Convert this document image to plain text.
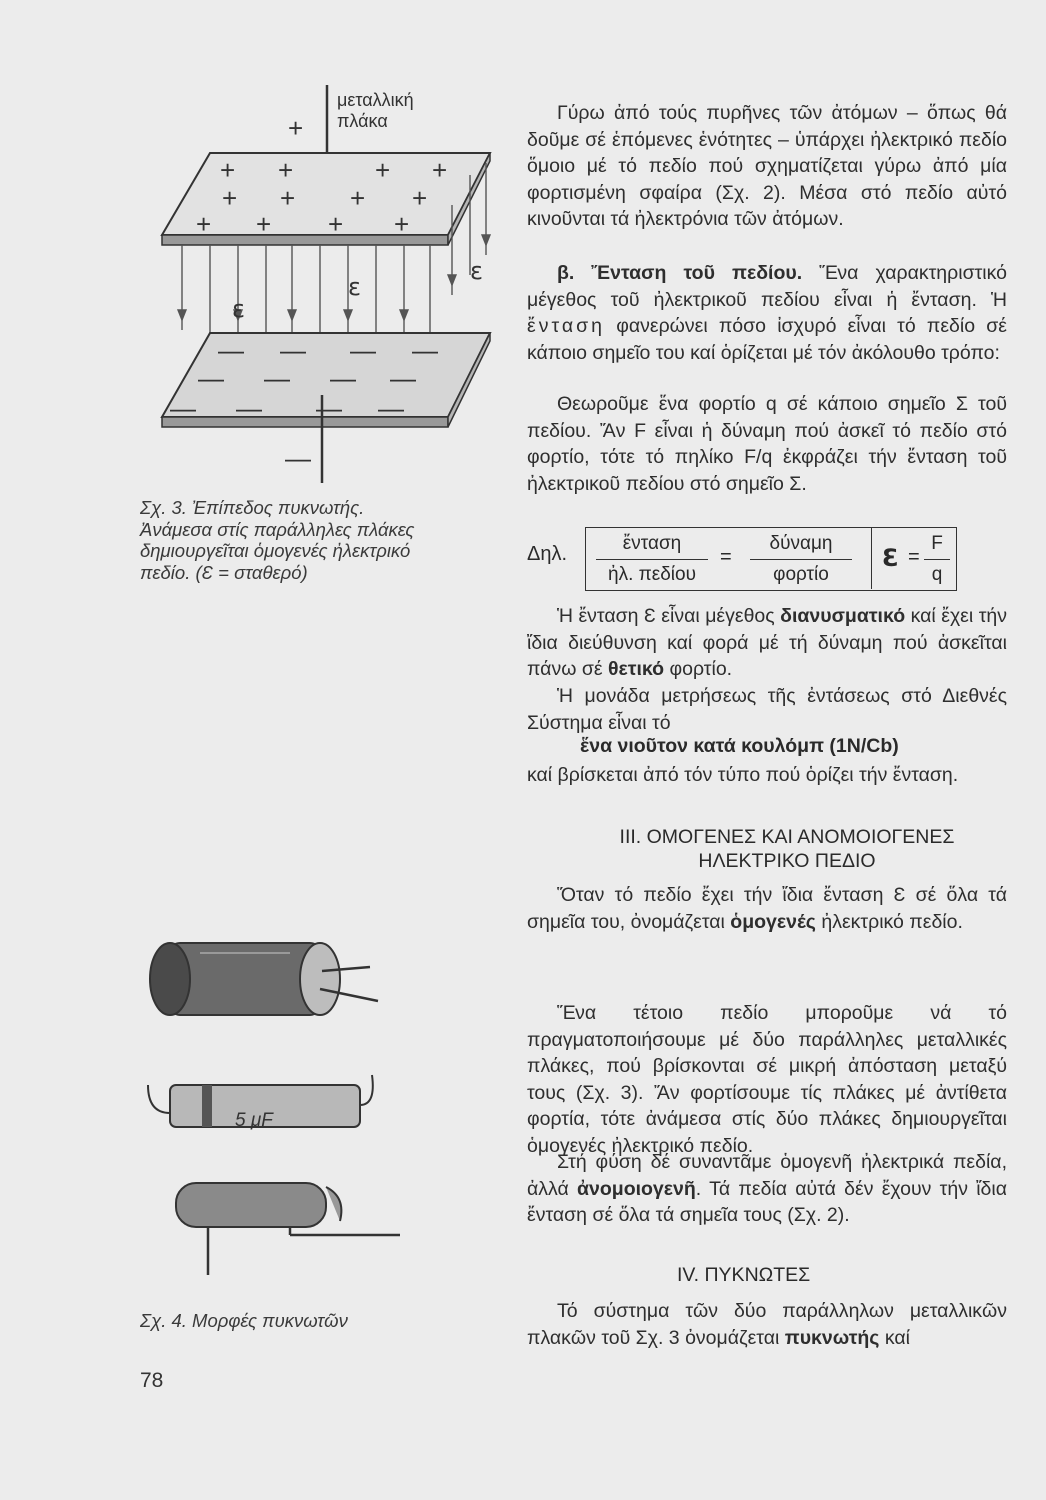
μεταλλική πλάκα
+
—
+ +	+ +
+ + + +
+ + + +
— — — —
— — — —
— — — —
ε
ε
ε
Σχ. 3. Ἐπίπεδος πυκνωτής. Ἀνάμεσα στίς παράλληλες πλάκες δημιουργεῖται ὁμογενές ἠλεκτρικό πεδίο. (Ɛ = σταθερό)
5 μF
Σχ. 4. Μορφές πυκνωτῶν
78

Γύρω ἀπό τούς πυρῆνες τῶν ἀτόμων – ὅπως θά δοῦμε σέ ἑπόμενες ἑνότητες – ὑπάρχει ἠλεκτρικό πεδίο ὅμοιο μέ τό πεδίο πού σχηματίζεται γύρω ἀπό μία φορτισμένη σφαίρα (Σχ. 2). Μέσα στό πεδίο αὐτό κινοῦνται τά ἠλεκτρόνια τῶν ἀτόμων.

β. Ἔνταση τοῦ πεδίου. Ἕνα χαρακτηριστικό μέγεθος τοῦ ἠλεκτρικοῦ πεδίου εἶναι ἡ ἔνταση. Ἡ ἔνταση φανερώνει πόσο ἰσχυρό εἶναι τό πεδίο σέ κάποιο σημεῖο του καί ὁρίζεται μέ τόν ἀκόλουθο τρόπο:

Θεωροῦμε ἕνα φορτίο q σέ κάποιο σημεῖο Σ τοῦ πεδίου. Ἄν F εἶναι ἡ δύναμη πού ἀσκεῖ τό πεδίο στό φορτίο, τότε τό πηλίκο F/q ἐκφράζει τήν ἔνταση τοῦ ἠλεκτρικοῦ πεδίου στό σημεῖο Σ.

Δηλ.	ἔνταση
ἠλ. πεδίου
=
δύναμη
φορτίο
Ɛ =
F
q

Ἡ ἔνταση Ɛ εἶναι μέγεθος διανυσματικό καί ἔχει τήν ἴδια διεύθυνση καί φορά μέ τή δύναμη πού ἀσκεῖται πάνω σέ θετικό φορτίο.

Ἡ μονάδα μετρήσεως τῆς ἐντάσεως στό Διεθνές Σύστημα εἶναι τό

ἕνα νιοῦτον κατά κουλόμπ (1N/Cb)

καί βρίσκεται ἀπό τόν τύπο πού ὁρίζει τήν ἔνταση.

III. ΟΜΟΓΕΝΕΣ ΚΑΙ ΑΝΟΜΟΙΟΓΕΝΕΣ
ΗΛΕΚΤΡΙΚΟ ΠΕΔΙΟ

Ὅταν τό πεδίο ἔχει τήν ἴδια ἔνταση Ɛ σέ ὅλα τά σημεῖα του, ὀνομάζεται ὁμογενές ἠλεκτρικό πεδίο.

Ἕνα τέτοιο πεδίο μποροῦμε νά τό πραγματοποιήσουμε μέ δύο παράλληλες μεταλλικές πλάκες, πού βρίσκονται σέ μικρή ἀπόσταση μεταξύ τους (Σχ. 3). Ἄν φορτίσουμε τίς πλάκες μέ ἀντίθετα φορτία, τότε ἀνάμεσα στίς δύο πλάκες δημιουργεῖται ὁμογενές ἠλεκτρικό πεδίο.

Στή φύση δέ συναντᾶμε ὁμογενῆ ἠλεκτρικά πεδία, ἀλλά ἀνομοιογενῆ. Τά πεδία αὐτά δέν ἔχουν τήν ἴδια ἔνταση σέ ὅλα τά σημεῖα τους (Σχ. 2).

IV. ΠΥΚΝΩΤΕΣ

Τό σύστημα τῶν δύο παράλληλων μεταλλικῶν πλακῶν τοῦ Σχ. 3 ὀνομάζεται πυκνωτής καί
